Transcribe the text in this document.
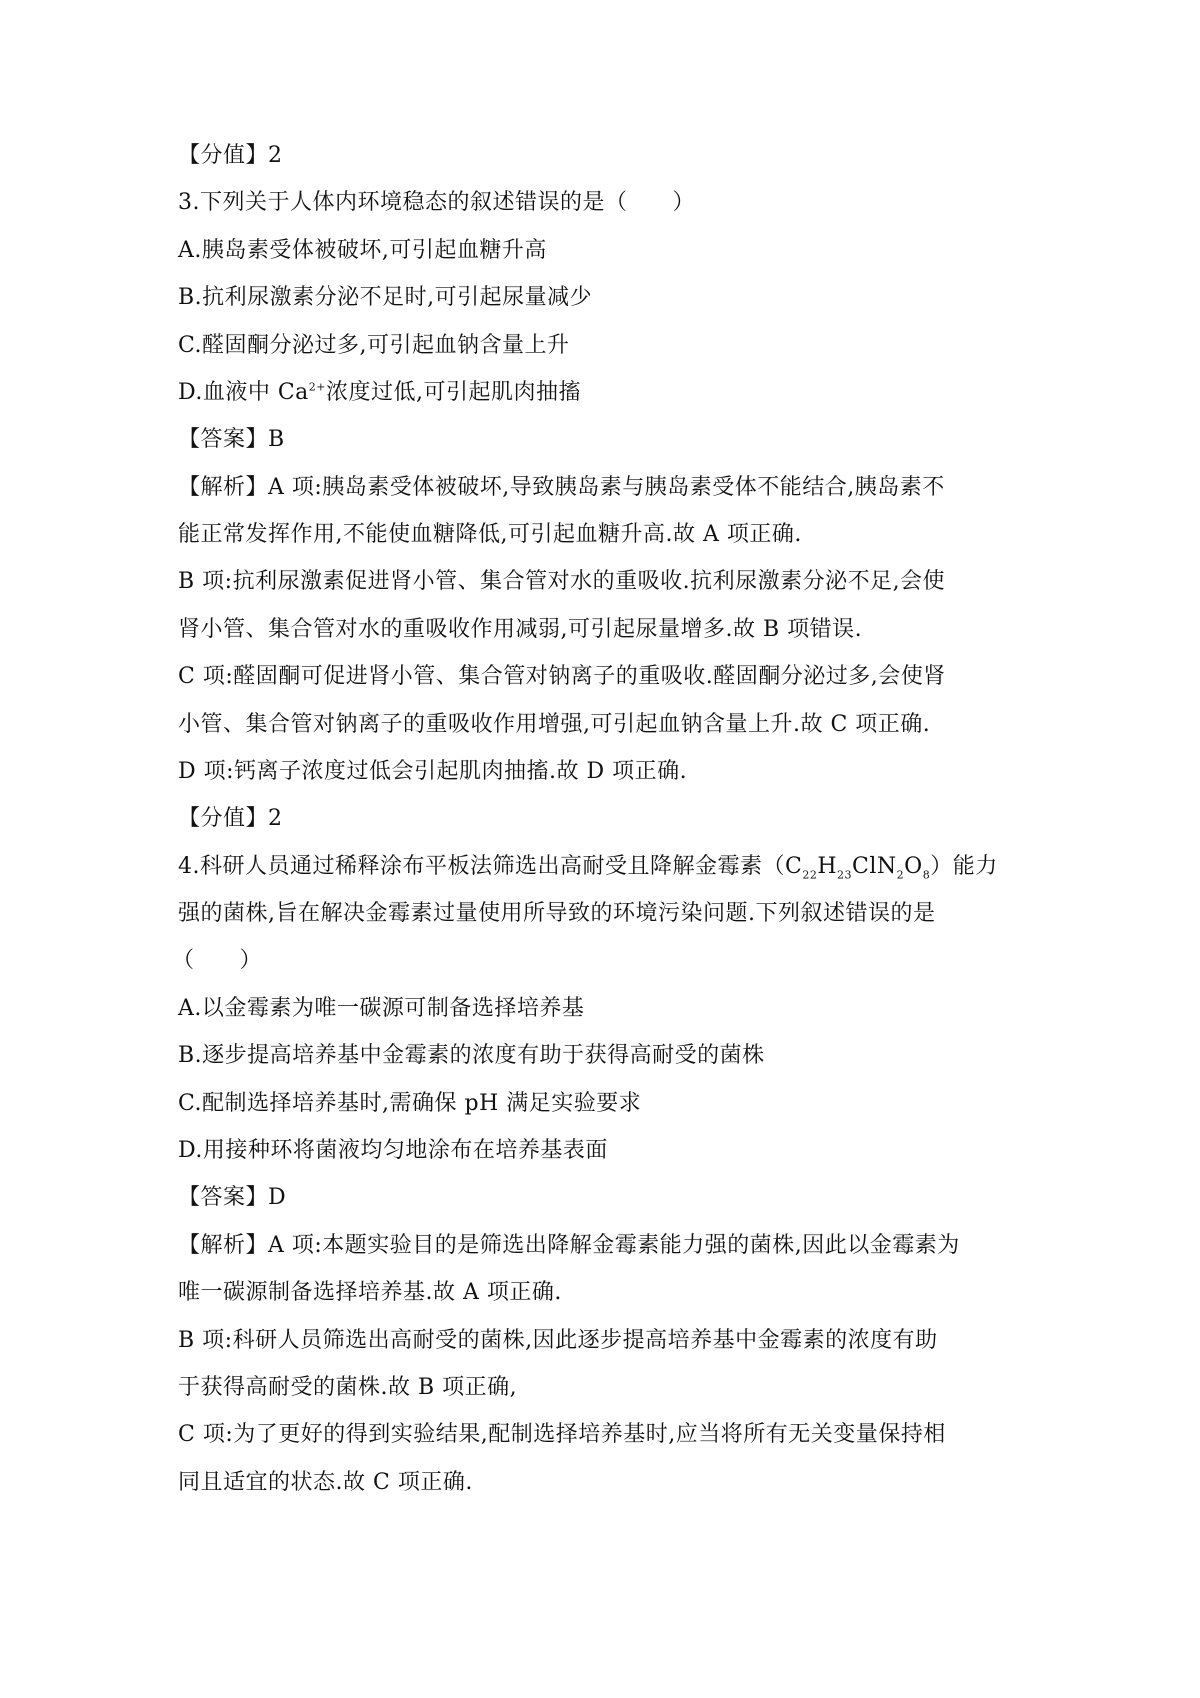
【分值】2
3.下列关于人体内环境稳态的叙述错误的是（　　）
A.胰岛素受体被破坏,可引起血糖升高
B.抗利尿激素分泌不足时,可引起尿量减少
C.醛固酮分泌过多,可引起血钠含量上升
D.血液中 $Ca^{2+}$浓度过低,可引起肌肉抽搐
【答案】B
【解析】A 项:胰岛素受体被破坏,导致胰岛素与胰岛素受体不能结合,胰岛素不
能正常发挥作用,不能使血糖降低,可引起血糖升高.故 A 项正确.
B 项:抗利尿激素促进肾小管、集合管对水的重吸收.抗利尿激素分泌不足,会使
肾小管、集合管对水的重吸收作用减弱,可引起尿量增多.故 B 项错误.
C 项:醛固酮可促进肾小管、集合管对钠离子的重吸收.醛固酮分泌过多,会使肾
小管、集合管对钠离子的重吸收作用增强,可引起血钠含量上升.故 C 项正确.
D 项:钙离子浓度过低会引起肌肉抽搐.故 D 项正确.
【分值】2
4.科研人员通过稀释涂布平板法筛选出高耐受且降解金霉素$(C_{22}H_{23}ClN_2O_8)$能力
强的菌株,旨在解决金霉素过量使用所导致的环境污染问题.下列叙述错误的是
（　　）
A.以金霉素为唯一碳源可制备选择培养基
B.逐步提高培养基中金霉素的浓度有助于获得高耐受的菌株
C.配制选择培养基时,需确保 pH 满足实验要求
D.用接种环将菌液均匀地涂布在培养基表面
【答案】D
【解析】A 项:本题实验目的是筛选出降解金霉素能力强的菌株,因此以金霉素为
唯一碳源制备选择培养基.故 A 项正确.
B 项:科研人员筛选出高耐受的菌株,因此逐步提高培养基中金霉素的浓度有助
于获得高耐受的菌株.故 B 项正确,
C 项:为了更好的得到实验结果,配制选择培养基时,应当将所有无关变量保持相
同且适宜的状态.故 C 项正确.
